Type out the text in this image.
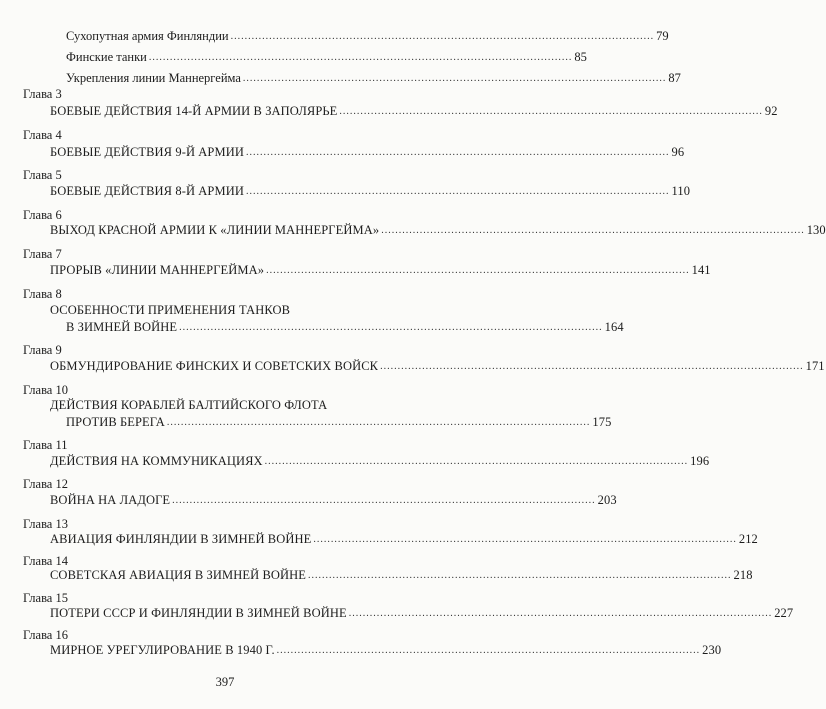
Сухопутная армия Финляндии ......................................................................................................................... 79
Финские танки ......................................................................................................................... 85
Укрепления линии Маннергейма ......................................................................................................................... 87
Глава 3
БОЕВЫЕ ДЕЙСТВИЯ 14-Й АРМИИ В ЗАПОЛЯРЬЕ ......................................................................................................................... 92
Глава 4
БОЕВЫЕ ДЕЙСТВИЯ 9-Й АРМИИ ......................................................................................................................... 96
Глава 5
БОЕВЫЕ ДЕЙСТВИЯ 8-Й АРМИИ ......................................................................................................................... 110
Глава 6
ВЫХОД КРАСНОЙ АРМИИ К «ЛИНИИ МАННЕРГЕЙМА» ......................................................................................................................... 130
Глава 7
ПРОРЫВ «ЛИНИИ МАННЕРГЕЙМА» ......................................................................................................................... 141
Глава 8
ОСОБЕННОСТИ ПРИМЕНЕНИЯ ТАНКОВ
В ЗИМНЕЙ ВОЙНЕ ......................................................................................................................... 164
Глава 9
ОБМУНДИРОВАНИЕ ФИНСКИХ И СОВЕТСКИХ ВОЙСК ......................................................................................................................... 171
Глава 10
ДЕЙСТВИЯ КОРАБЛЕЙ БАЛТИЙСКОГО ФЛОТА
ПРОТИВ БЕРЕГА ......................................................................................................................... 175
Глава 11
ДЕЙСТВИЯ НА КОММУНИКАЦИЯХ ......................................................................................................................... 196
Глава 12
ВОЙНА НА ЛАДОГЕ ......................................................................................................................... 203
Глава 13
АВИАЦИЯ ФИНЛЯНДИИ В ЗИМНЕЙ ВОЙНЕ ......................................................................................................................... 212
Глава 14
СОВЕТСКАЯ АВИАЦИЯ В ЗИМНЕЙ ВОЙНЕ ......................................................................................................................... 218
Глава 15
ПОТЕРИ СССР И ФИНЛЯНДИИ В ЗИМНЕЙ ВОЙНЕ ......................................................................................................................... 227
Глава 16
МИРНОЕ УРЕГУЛИРОВАНИЕ В 1940 Г. ......................................................................................................................... 230
397
